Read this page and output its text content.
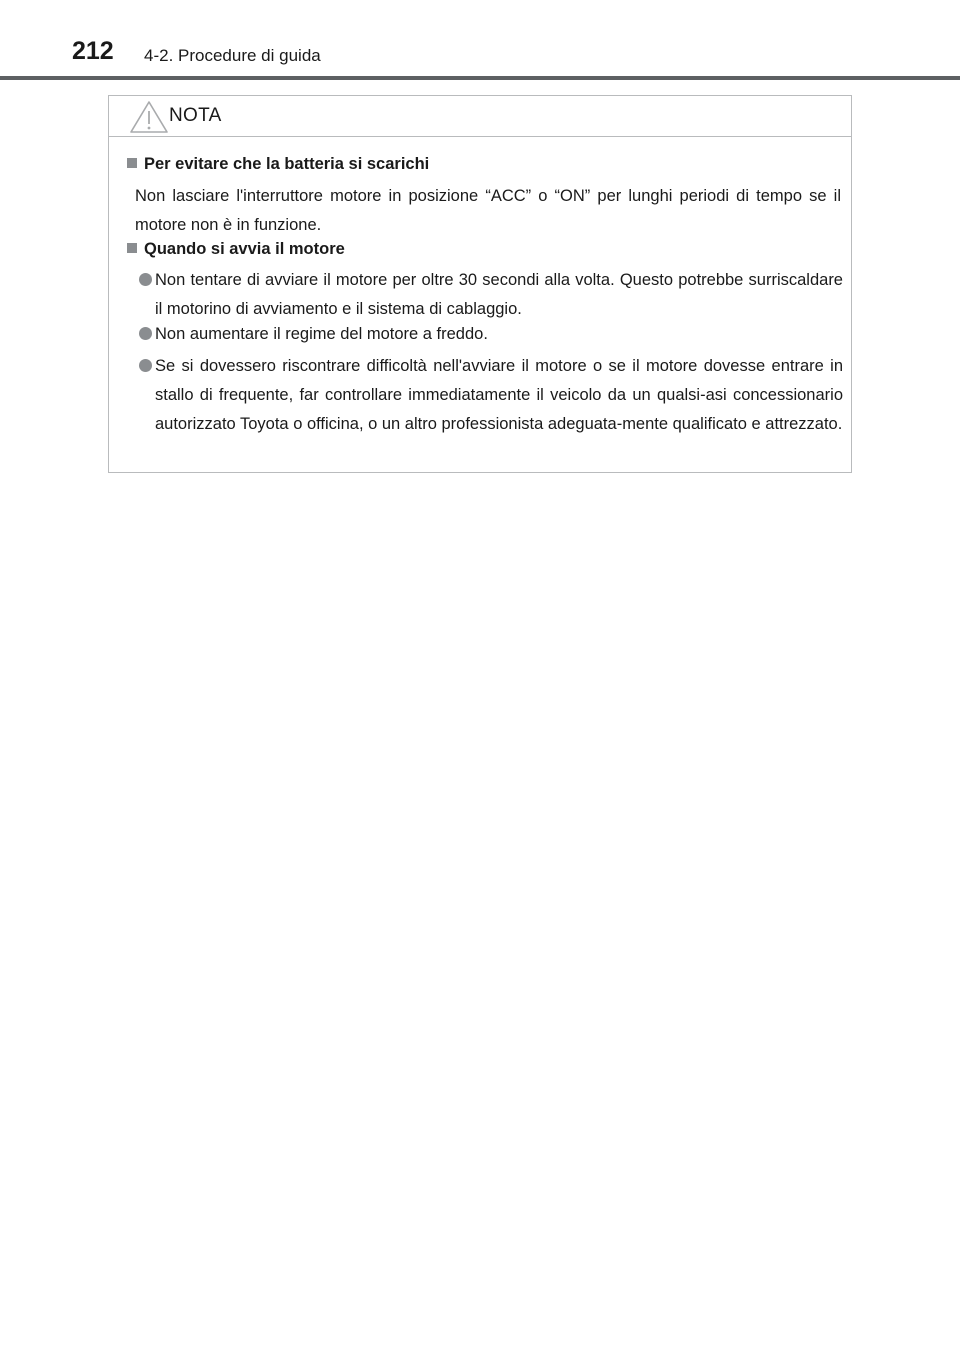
212 4-2. Procedure di guida
NOTA
Per evitare che la batteria si scarichi
Non lasciare l'interruttore motore in posizione “ACC” o “ON” per lunghi periodi di tempo se il motore non è in funzione.
Quando si avvia il motore
Non tentare di avviare il motore per oltre 30 secondi alla volta. Questo potrebbe surriscaldare il motorino di avviamento e il sistema di cablaggio.
Non aumentare il regime del motore a freddo.
Se si dovessero riscontrare difficoltà nell'avviare il motore o se il motore dovesse entrare in stallo di frequente, far controllare immediatamente il veicolo da un qualsi-asi concessionario autorizzato Toyota o officina, o un altro professionista adeguata-mente qualificato e attrezzato.
